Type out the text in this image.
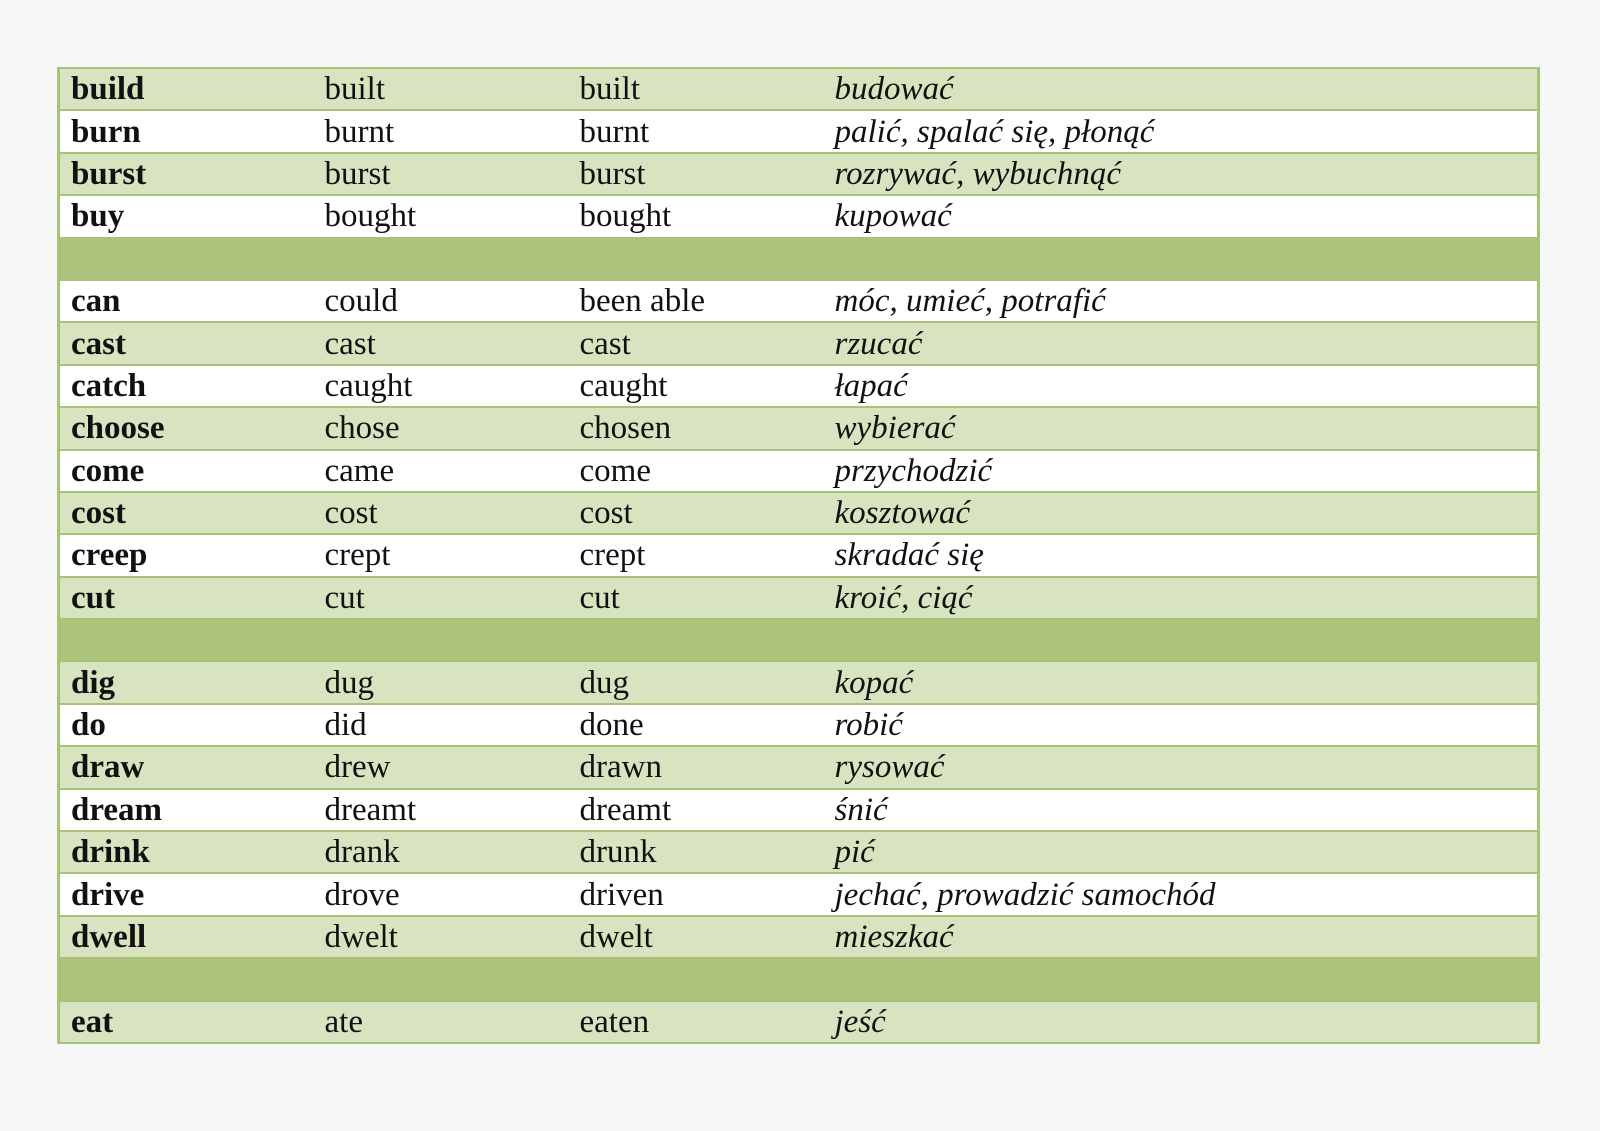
build	built	built	budować
burn	burnt	burnt	palić, spalać się, płonąć
burst	burst	burst	rozrywać, wybuchnąć
buy	bought	bought	kupować

can	could	been able	móc, umieć, potrafić
cast	cast	cast	rzucać
catch	caught	caught	łapać
choose	chose	chosen	wybierać
come	came	come	przychodzić
cost	cost	cost	kosztować
creep	crept	crept	skradać się
cut	cut	cut	kroić, ciąć

dig	dug	dug	kopać
do	did	done	robić
draw	drew	drawn	rysować
dream	dreamt	dreamt	śnić
drink	drank	drunk	pić
drive	drove	driven	jechać, prowadzić samochód
dwell	dwelt	dwelt	mieszkać

eat	ate	eaten	jeść
